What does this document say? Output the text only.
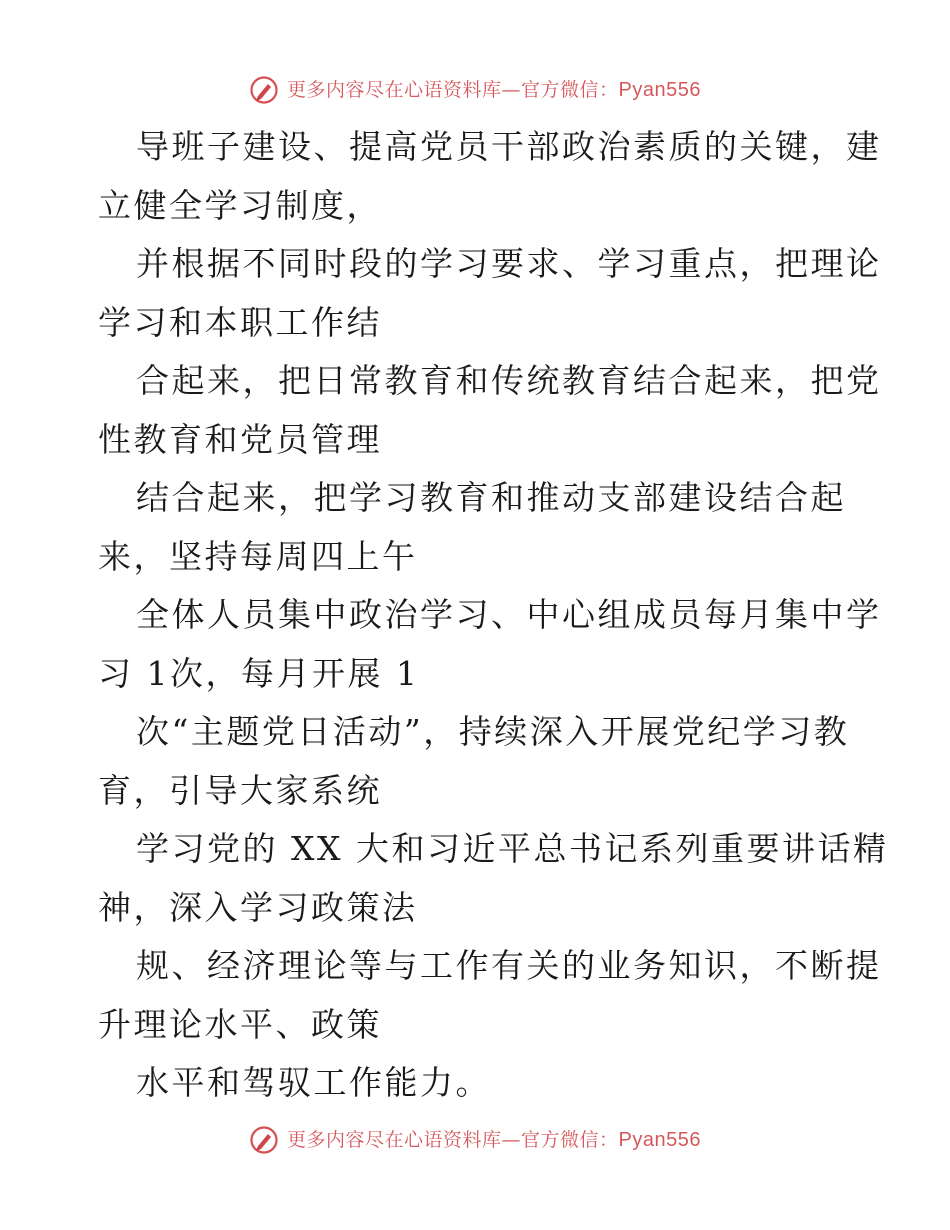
更多内容尽在心语资料库—官方微信：Pyan556
导班子建设、提高党员干部政治素质的关键，建
立健全学习制度，
并根据不同时段的学习要求、学习重点，把理论
学习和本职工作结
合起来，把日常教育和传统教育结合起来，把党
性教育和党员管理
结合起来，把学习教育和推动支部建设结合起
来，坚持每周四上午
全体人员集中政治学习、中心组成员每月集中学
习 1次，每月开展 1
次“主题党日活动”，持续深入开展党纪学习教
育，引导大家系统
学习党的 XX 大和习近平总书记系列重要讲话精
神，深入学习政策法
规、经济理论等与工作有关的业务知识，不断提
升理论水平、政策
水平和驾驭工作能力。
更多内容尽在心语资料库—官方微信：Pyan556
